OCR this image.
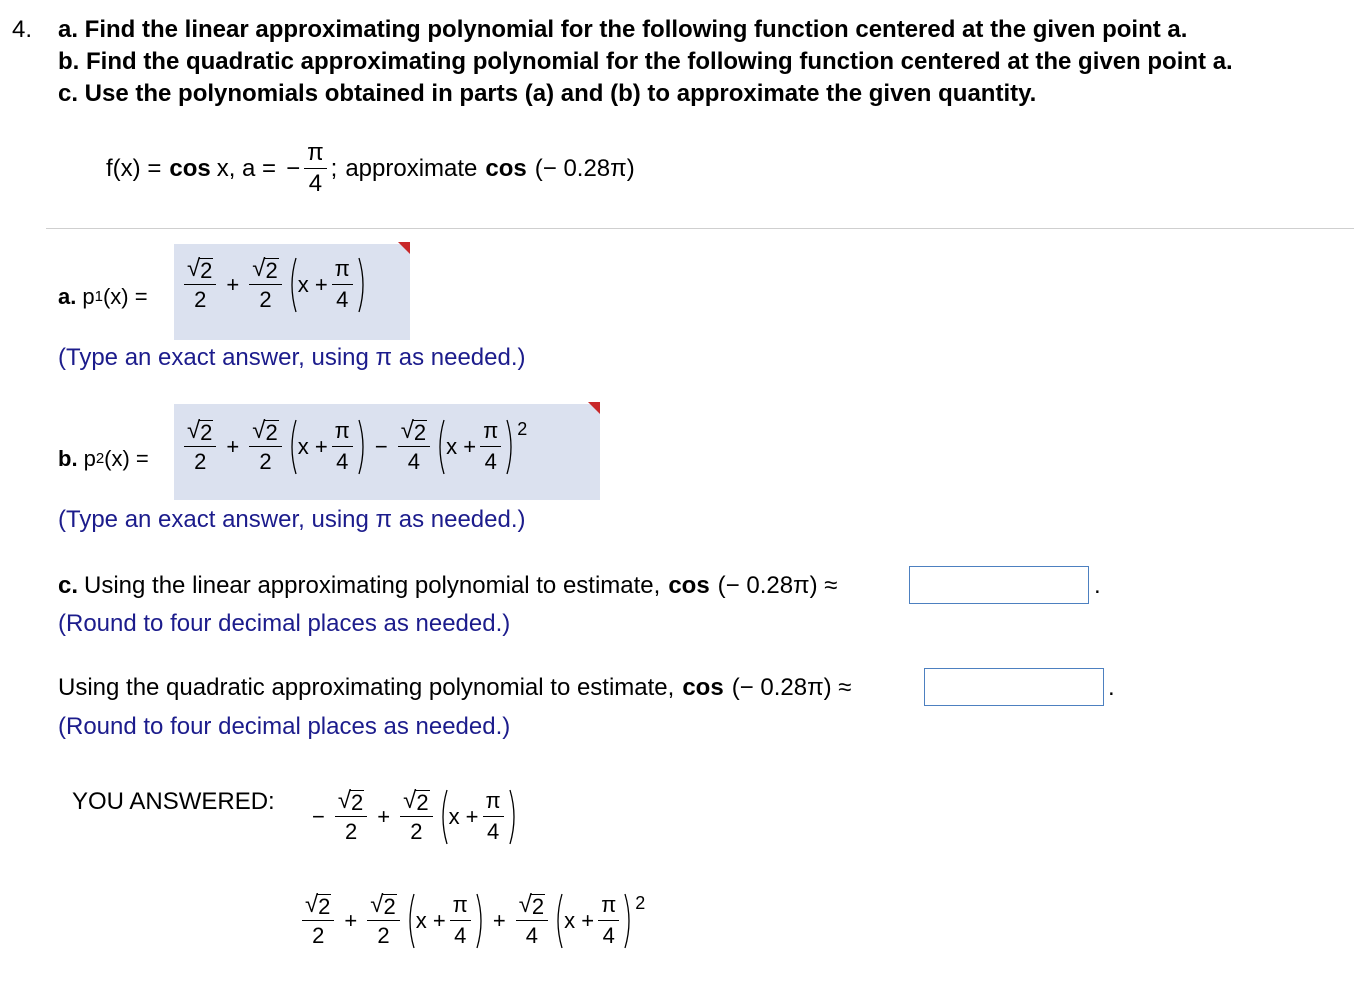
4. a. Find the linear approximating polynomial for the following function centered at the given point a.
b. Find the quadratic approximating polynomial for the following function centered at the given point a.
c. Use the polynomials obtained in parts (a) and (b) to approximate the given quantity.
f(x) = cos x, a = − $\frac{\pi}{4}$ ; approximate cos (− 0.28π)
a. p 1 $(x) = \frac{√ 2}{2} + \frac{√ 2}{2}$ $x + \frac{\pi}{4}$
(Type an exact answer, using π as needed.)
b. p 2 $(x) = \frac{√ 2}{2} + \frac{√ 2}{2}$ $x + \frac{\pi}{4} - \frac{√ 2}{4}$ $x + \frac{\pi}{4} ^2$
(Type an exact answer, using π as needed.)
c. Using the linear approximating polynomial to estimate, cos (− 0.28π) ≈	.
(Round to four decimal places as needed.)
Using the quadratic approximating polynomial to estimate, cos (− 0.28π) ≈	.
(Round to four decimal places as needed.)
YOU ANSWERED:
− $\frac{√ 2}{2} + \frac{√ 2}{2}$ $x + \frac{\pi}{4}$
$\frac{√ 2}{2} + \frac{√ 2}{2}$ $x + \frac{\pi}{4} + \frac{√ 2}{4}$ $x + \frac{\pi}{4} ^2$
